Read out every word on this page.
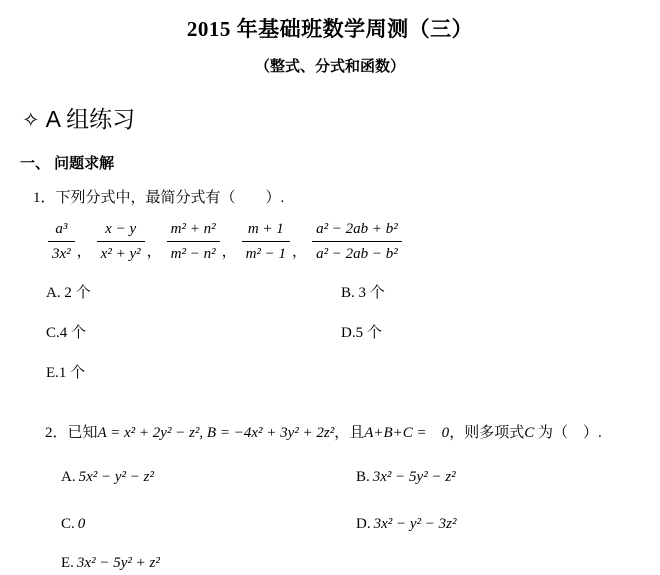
2015 年基础班数学周测（三）
（整式、分式和函数）
✧ A 组练习
一、 问题求解
1．下列分式中，最简分式有（　　）.
$\frac{\text{a³}}{\text{3x²}}$ ， $\frac{x - y}{\text{x² + y²}}$ ， $\frac{\text{m² + n²}}{\text{m² − n²}}$ ， $\frac{m + 1}{\text{m² − 1}}$ ， $\frac{\text{a² − 2ab + b²}}{\text{a² − 2ab − b²}}$
A. 2 个	B. 3 个
C.4 个	D.5 个
E.1 个

2．已知A = x² + 2y² − z², B = −4x² + 3y² + 2z²，且A+B+C =　0，则多项式C 为（　）.

A. 5x² − y² − z²
	B. 3x² − 5y² − z²

C. 0
	D. 3x² − y² − 3z²

E. 3x² − 5y² + z²
